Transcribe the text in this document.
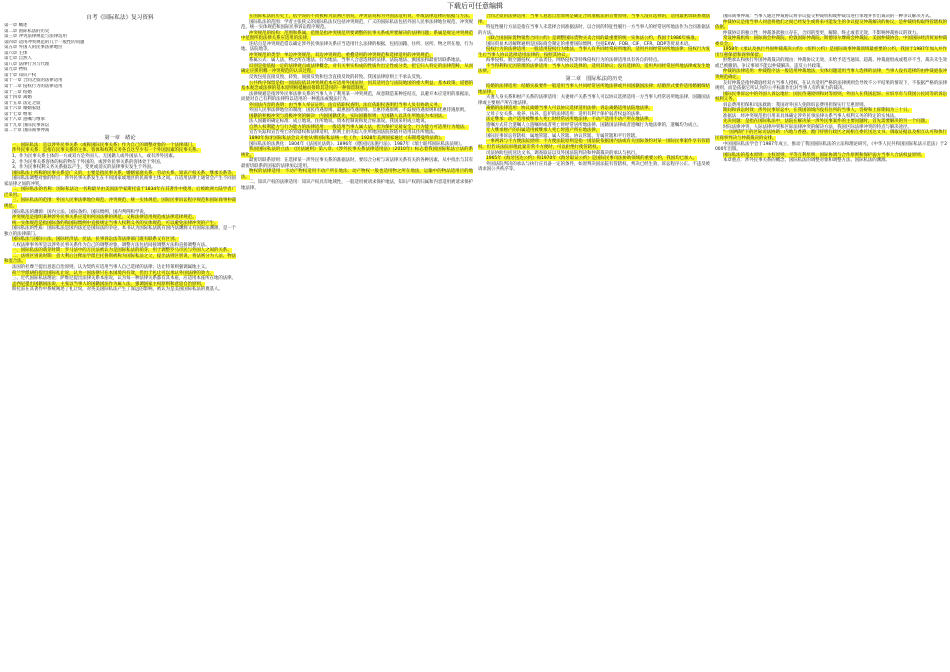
下载后可任意编辑
自考《国际私法》复习资料
第一章 概述
第二章 国际私法的历史
第三章 冲突法律规范与法律选用
第四章 适用冲突规范的几个一般性的问题
第五章 外国人的民事法律地位
第六章 主体
第七章 自然人
第八章 法律行为与代理
第九章 物权
第十章 知识产权
第十一章 合同之债的法律适用
第十二章 侵权行为的法律适用
第十三章 结婚
第十四章 离婚
第十五章 法定之债
第十六章 婚姻家庭
第十七章 继承
第十八章 遗嘱与继承
第十九章 国际民事诉讼
第二十章 国际商事仲裁
第一章　绪论

一、国际私法：是以涉外民事关系（或称国际民事关系）作为自己的调整对象的一个法律部门。

涉外民事关系：是指在民事关系的主体、客体和权利义务各自这至少有一个外国因素的民事关系。

1、作为民事关系主体的一方或双方是外国人、无国籍人或外国法人，或有涉外因素。

2、作为民事关系客体的标的物在于外国的，或涉外民事关系的客体处于外国。

3、作为民事权利义务关系据以产生、变更或消灭的法律事实发生于外国。

国际私法上所称的民事关系是广义的，主要是指民事关系、婚姻家庭关系、劳动关系、知识产权关系、继承关系等。

国际私法调整对象的特点：涉外民事关系发生在不同国家或地区的民商事主体之间，在适用法律上通常会产生不同国家法律之间的冲突。

二、国际私法的名称：国际私法这一名称最早由美国法学家斯托雷于1834年在其著作中使用，后被欧洲大陆学者广泛采用。

三、国际私法的范围：外国人民事法律地位规范、冲突规范、统一实体规范、国际民事诉讼程序规范和国际商事仲裁规范。

国际私法的渊源：国内立法、国际条约、国际惯例、国内判例和学说。

冲突规范是指明某种涉外民事关系应适用何国法律的规范，又称法律适用规范或法律选择规范。

统一实体规范是指国际条约和国际惯例中直接规定当事人权利义务的实体规范，可以避免法律冲突的产生。

国际私法的性质：国际私法是国内法还是国际法的争论，本书认为国际私法既有国内法渊源又有国际法渊源，是一个独立的法律部门。

国际私法与国际公法、国际经济法、民法、民事诉讼法等法律部门既有联系又有区别。

人权法律事务所是以涉外民事关系作为自己的调整对象，调整方法包括间接调整方法和直接调整方法。

一、国际私法的萌芽时期：罗马法中的万民法被认为是国际私法的萌芽，用于调整罗马市民与外国人之间的关系。

二、法则区别说时期：意大利后注释法学派巴托鲁斯被称为国际私法之父，提出法则区别说，将法则分为人法、物法和混合法。

法国的杜摩兰提出意思自治原则，认为契约应适用当事人自己选择的法律；达让特莱则强调属地主义。

荷兰学派胡伯提出国际礼让说，认为一国法律只在本国境内有效，但出于礼让可以承认外国法律的效力。

三、近代国际私法理论：萨维尼提出法律关系本座说，认为每一种法律关系都有其本座，应适用本座所在地的法律。

孟西尼提出国籍国法说，主张以当事人的国籍国法作为属人法，强调国家主权原则和意思自治原则。

斯托雷在其著作中系统阐述了礼让说，对英美国际私法产生了深远的影响，被认为是美国国际私法的奠基人。

在国际私法的历史上，依学说的不同被称为法则区别说，冲突法说称为外国法适用说，亦或法律选择的依据与方法。

国际私法的范围：学者主张狭义的国际私法仅包括冲突规范，广义的国际私法包括外国人民事法律地位规范、冲突规范、统一实体规范和国际民事诉讼程序规范。

冲突规范的结构：范围和系属。范围是指冲突规范所要调整的民事关系或所要解决的法律问题；系属是规定冲突规范中范围所指法律关系应适用的法律。

连结点是冲突规范借以确定涉外民事法律关系应当适用什么法律的根据，包括国籍、住所、居所、物之所在地、行为地、法院地等。

冲突规范的类型：单边冲突规范、双边冲突规范、重叠适用的冲突规范和选择适用的冲突规范。

系属公式：属人法、物之所在地法、行为地法、当事人合意选择的法律、法院地法、旗国法和最密切联系地法。

识别是指依据一定的法律观点或法律概念，对有关事实构成的性质作出定性或分类，把它归入特定的法律范畴，从而确定应援用哪一冲突规范的认识过程。

反致包括直接反致、转致、间接反致和包含直接反致的转致。我国法律原则上不承认反致。

公共秩序保留是指一国法院依其冲突规范本应适用外国法时，因其适用会与法院地国的重大利益、基本政策、道德的基本观念或法律的基本原则相抵触而排除其适用的一种保留制度。

法律规避是指涉外民事法律关系的当事人为了利用某一冲突规范，故意制造某种连结点，以避开本应适用的准据法，而使对自己有利的法律得以适用的一种逃法或脱法行为。

外国法内容的查明：由当事人举证证明、法官依职权查明、法官依职权查明但当事人负有协助义务。

外国人民事法律地位的制度：国民待遇原则、最惠国待遇原则、互惠待遇原则、不歧视待遇原则和优惠待遇原则。

国籍的积极冲突与消极冲突的解决：内国国籍优先、实际国籍原则；无国籍人以其住所地法为本国法。

法人国籍的确定标准：成立地说、住所地说、资本控制说和复合标准说。我国采用成立地说。

自然人权利能力与行为能力的法律适用：一般适用当事人属人法，但为保护交易安全，行为能力可适用行为地法。

宣告失踪和宣告死亡的管辖权和法律适用，原则上由失踪人住所地国法院管辖并适用其住所地法。

1890年海牙国际私法会议开始从事国际私法统一化工作，1928年美洲国家通过《布斯塔曼特法典》。

国际私法的法典化：1804年《法国民法典》、1896年《德国民法施行法》、1987年《瑞士联邦国际私法法规》。

我国国际私法的立法：《民法通则》第八章、《涉外民事关系法律适用法》（2010年）标志着我国国际私法立法的系统化。

最密切联系原则：在选择某一涉外民事关系的准据法时，要综合分析与该法律关系有关的各种因素，从中找出与其有最密切联系的国家的法律加以适用。

物权的法律适用：不动产物权适用不动产所在地法；动产物权一般也适用物之所在地法，运输中的物品适用目的地法。

二、知识产权的法律适用：知识产权具有地域性，一般适用被请求保护地法，知识产权的归属和内容适用被请求保护地法律。

合同之债的法律适用：当事人意思自治原则是确定合同准据法的首要原则，当事人没有选择的，适用最密切联系地法律。

特征性履行方法是指在当事人未选择合同准据法时，以合同的特征性履行一方当事人的经常居所地法作为合同准据法的方法。

《联合国国际货物销售合同公约》是调整国际货物买卖合同的最重要的统一实体法公约，我国于1986年核准。

国际贸易术语解释通则是国际商会制定的重要国际惯例，包括EXW、FOB、CIF、CFR、DDP等贸易术语。

侵权行为的法律适用：一般适用侵权行为地法，当事人有共同经常居所地的，适用共同经常居所地法律；侵权行为发生后当事人协议选择适用法律的，按照其协议。

海事侵权、航空器侵权、产品责任、网络侵权等特殊侵权行为的法律适用具有各自的特点。

不当得利和无因管理的法律适用：当事人协议选择的，适用其协议；没有选择的，适用共同经常居所地法律或发生地法律。

第二章　国际私法的历史

结婚的法律适用：结婚实质要件一般适用当事人共同经常居所地法律或共同国籍国法律；结婚形式要件适用婚姻缔结地法律。

夫妻人身关系和财产关系的法律适用：夫妻财产关系当事人可以协议选择适用一方当事人经常居所地法律、国籍国法律或主要财产所在地法律。

离婚的法律适用：协议离婚当事人可以协议选择适用法律；诉讼离婚适用法院地法律。

父母子女关系、收养、扶养、监护的法律适用：适用有利于保护弱者权益的法律。

法定继承：动产适用被继承人死亡时经常居所地法律，不动产适用不动产所在地法律。

遗嘱方式符合遗嘱人立遗嘱时或者死亡时经常居所地法律、国籍国法律或者遗嘱行为地法律的，遗嘱均为成立。

无人继承财产的归属适用被继承人死亡时遗产所在地法律。

国际民事诉讼管辖权：属地管辖、属人管辖、协议管辖、专属管辖和平行管辖。

一事两诉与不方便法院原则：不方便法院原则是指一国法院依据国内法或有关国际条约对某一国际民事案件享有管辖权，但若该法院审理此案非常不方便时，可以拒绝行使管辖权。

司法协助包括送达文书、调查取证以及外国法院判决和仲裁裁决的承认与执行。

1965年《海牙送达公约》和1970年《海牙取证公约》是国际民事司法协助领域的重要公约，我国均已加入。

外国法院判决的承认与执行应具备一定的条件，如原判决国法院有管辖权、判决已经生效、诉讼程序公正、不违反被请求国公共秩序等。

国际商事仲裁：当事人通过仲裁协议将争议提交仲裁机构或仲裁员进行审理并作出裁决的一种争议解决方式。

仲裁协议是指当事人同意将他们之间已经发生或将来可能发生的争议提交仲裁解决的协议，是仲裁机构取得管辖权的依据。

仲裁协议的独立性：仲裁条款独立存在，合同的变更、解除、终止或者无效，不影响仲裁协议的效力。

常设仲裁机构：国际商会仲裁院、伦敦国际仲裁院、斯德哥尔摩商会仲裁院、美国仲裁协会、中国国际经济贸易仲裁委员会。

1958年《承认及执行外国仲裁裁决公约》（纽约公约）是国际商事仲裁领域最重要的公约，我国于1987年加入并作出互惠保留和商事保留。

拒绝承认和执行外国仲裁裁决的理由：仲裁协议无效、未给予适当通知、超裁、仲裁庭组成或程序不当、裁决未生效或已被撤销、争议事项不能以仲裁解决、违反公共政策。

仲裁的法律适用：仲裁程序法一般适用仲裁地法，实体问题适用当事人选择的法律，当事人没有选择的由仲裁庭依冲突规范确定。

友好仲裁是指仲裁庭经双方当事人授权，在认为适用严格的法律规则会导致不公平结果的情况下，不依据严格的法律规则，而是依据它所认为的公平标准作出对当事人有约束力的裁决。

国际民事诉讼中的外国人诉讼地位：国民待遇原则和对等原则，外国人在我国起诉、应诉享有与我国公民同等的诉讼权利义务。

诉讼费用担保和司法救助：我国对外国人免除诉讼费用担保实行互惠原则。

期间和诉讼时效：涉外民事诉讼中，在我国领域内没有住所的当事人，答辩和上诉期间为三十日。

准据法：经冲突规范指引用来具体确定涉外民事法律关系当事人权利义务的特定的实体法。

先决问题：是指在国际私法中，法院在解决某一涉外民事案件的主要问题时，首先需要解决的另一个问题。

时际法律冲突、人际法律冲突和区际法律冲突的解决方法，我国区际法律冲突的特点与解决途径。

"一国两制"下的区际司法协助：内地与香港、澳门特别行政区之间相互委托送达文书、调取证据以及相互认可和执行民商事判决与仲裁裁决的安排。

中国国际私法学会于1987年成立，推动了我国国际私法的立法和理论研究，《中华人民共和国国际私法示范法》于2000年出版。

国际私法的基本原则：主权原则、平等互利原则、国际协调与合作原则和保护弱方当事人合法权益原则。

本章重点：涉外民事关系的概念、国际私法的调整对象和调整方法、国际私法的渊源。
